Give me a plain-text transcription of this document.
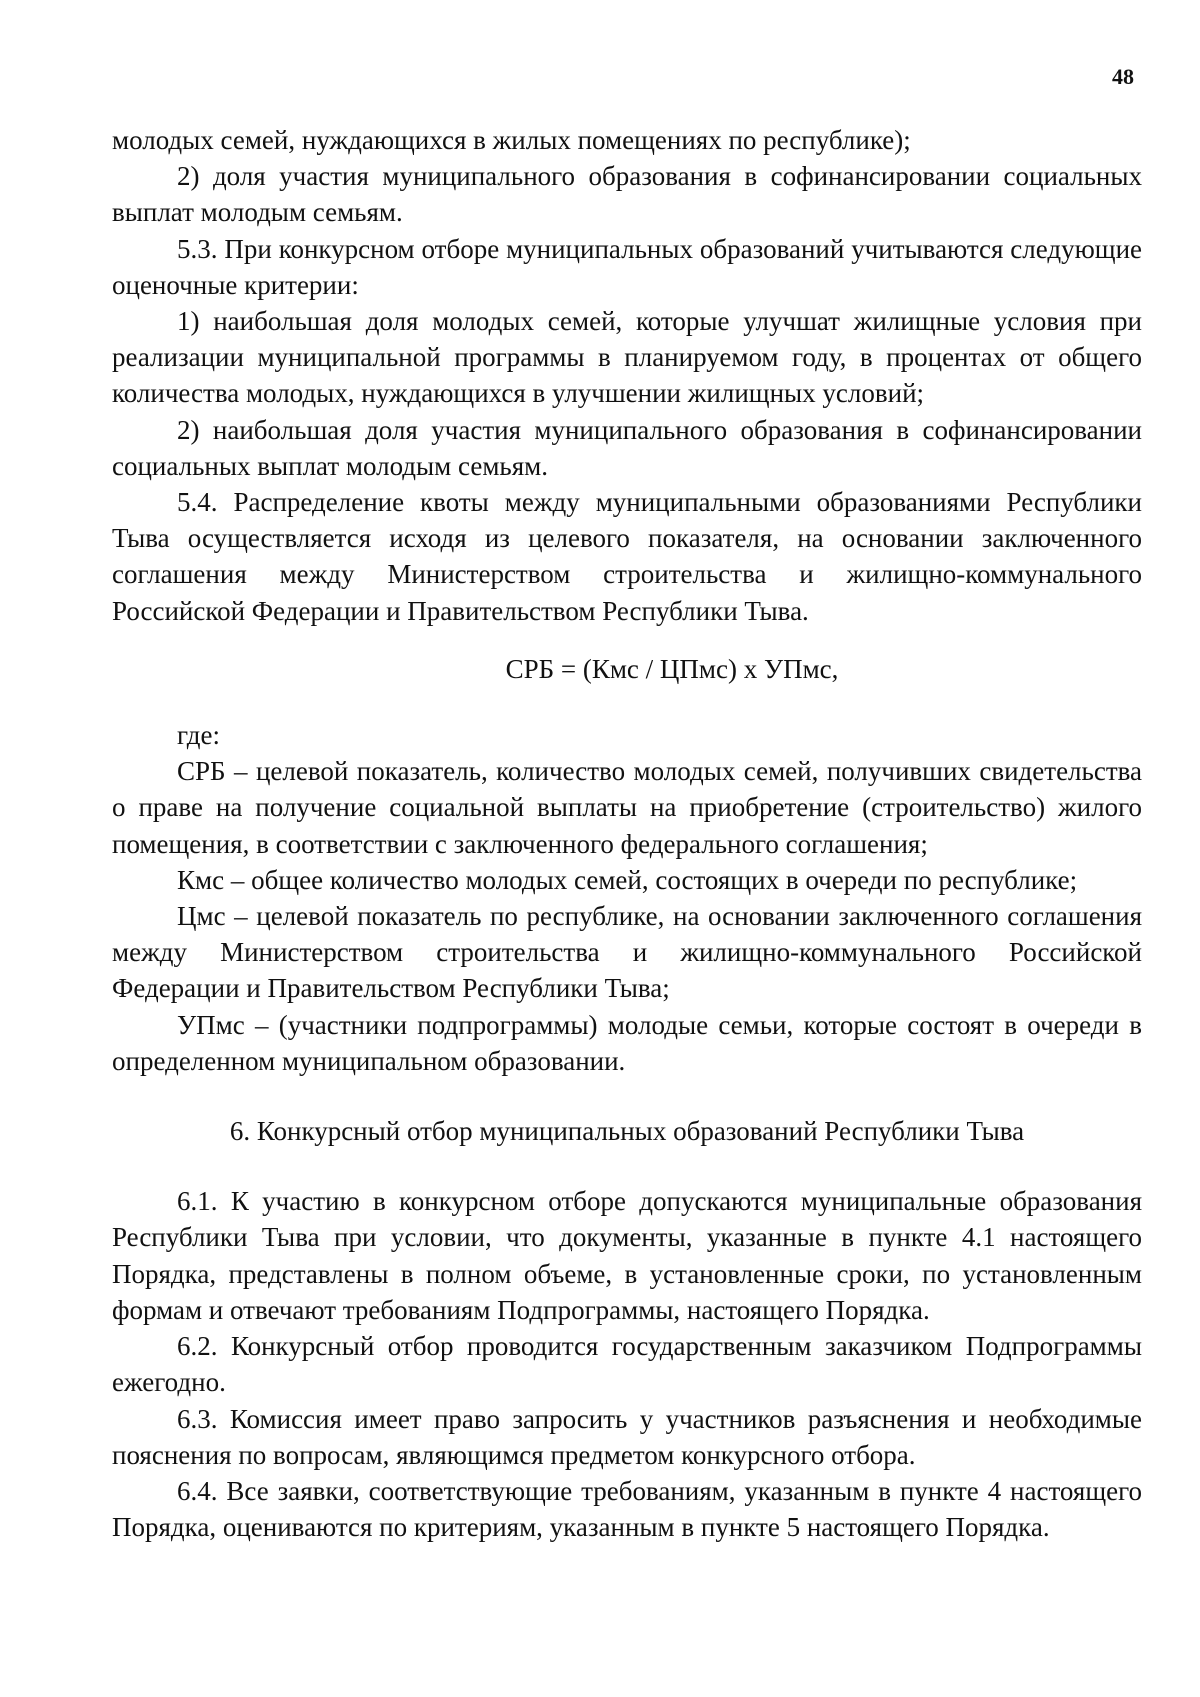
48

молодых семей, нуждающихся в жилых помещениях по республике);

2) доля участия муниципального образования в софинансировании социальных выплат молодым семьям.

5.3. При конкурсном отборе муниципальных образований учитываются следующие оценочные критерии:

1) наибольшая доля молодых семей, которые улучшат жилищные условия при реализации муниципальной программы в планируемом году, в процентах от общего количества молодых, нуждающихся в улучшении жилищных условий;

2) наибольшая доля участия муниципального образования в софинансировании социальных выплат молодым семьям.

5.4. Распределение квоты между муниципальными образованиями Республики Тыва осуществляется исходя из целевого показателя, на основании заключенного соглашения между Министерством строительства и жилищно-коммунального Российской Федерации и Правительством Республики Тыва.

СРБ = (Кмс / ЦПмс) х УПмс,

где:

СРБ – целевой показатель, количество молодых семей, получивших свидетельства о праве на получение социальной выплаты на приобретение (строительство) жилого помещения, в соответствии с заключенного федерального соглашения;

Кмс – общее количество молодых семей, состоящих в очереди по республике;

Цмс – целевой показатель по республике, на основании заключенного соглашения между Министерством строительства и жилищно-коммунального Российской Федерации и Правительством Республики Тыва;

УПмс – (участники подпрограммы) молодые семьи, которые состоят в очереди в определенном муниципальном образовании.

6. Конкурсный отбор муниципальных образований Республики Тыва

6.1. К участию в конкурсном отборе допускаются муниципальные образования Республики Тыва при условии, что документы, указанные в пункте 4.1 настоящего Порядка, представлены в полном объеме, в установленные сроки, по установленным формам и отвечают требованиям Подпрограммы, настоящего Порядка.

6.2. Конкурсный отбор проводится государственным заказчиком Подпрограммы ежегодно.

6.3. Комиссия имеет право запросить у участников разъяснения и необходимые пояснения по вопросам, являющимся предметом конкурсного отбора.

6.4. Все заявки, соответствующие требованиям, указанным в пункте 4 настоящего Порядка, оцениваются по критериям, указанным в пункте 5 настоящего Порядка.
